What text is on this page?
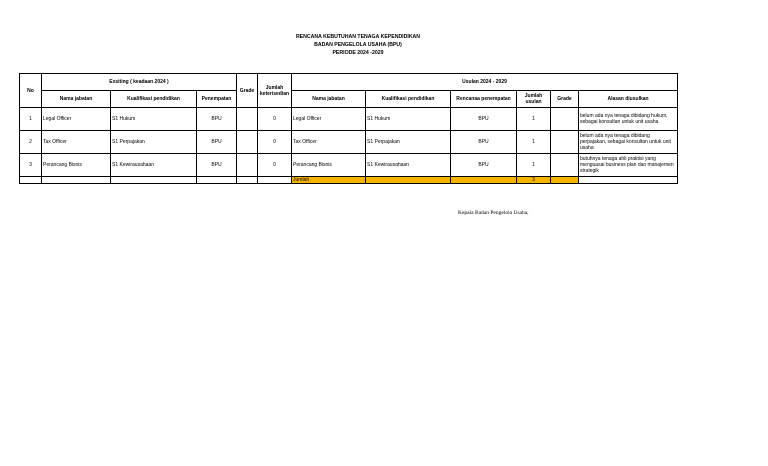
RENCANA KEBUTUHAN TENAGA KEPENDIDIKAN
BADAN PENGELOLA USAHA (BPU)
PERIODE 2024 -2029
No	Exsiting ( keadaan 2024 )			Grade	Jumlah keterisedian	Usulan 2024 - 2029					
	Nama jabatan	Kualifikasi pendidikan	Penempatan			Nama jabatan	Kualifikasi pendidikan	Rencanaa penempatan	Jumlah usulan	Grade	Alasan diusulkan
1	Legal Officer	S1 Hukum	BPU		0	Legal Officer	S1 Hukum	BPU	1		belum ada nya tenaga dibidang hukum, sebagai konsultan untuk unit usaha
2	Tax Officer	S1 Perpajakan	BPU		0	Tax Officer	S1 Perpajakan	BPU	1		belum ada nya tenaga dibidang perpajakan, sebagai konsultan untuk unit usaha
3	Perancang Bisnis	S1 Kewirausahaan	BPU		0	Perancang Bisnis	S1 Kewirausahaan	BPU	1		butuhnya tenaga ahli praktisi yang menguasai business plan dan manajemen strategik
						Jumlah			3		
Kepala Badan Pengelola Usaha,
